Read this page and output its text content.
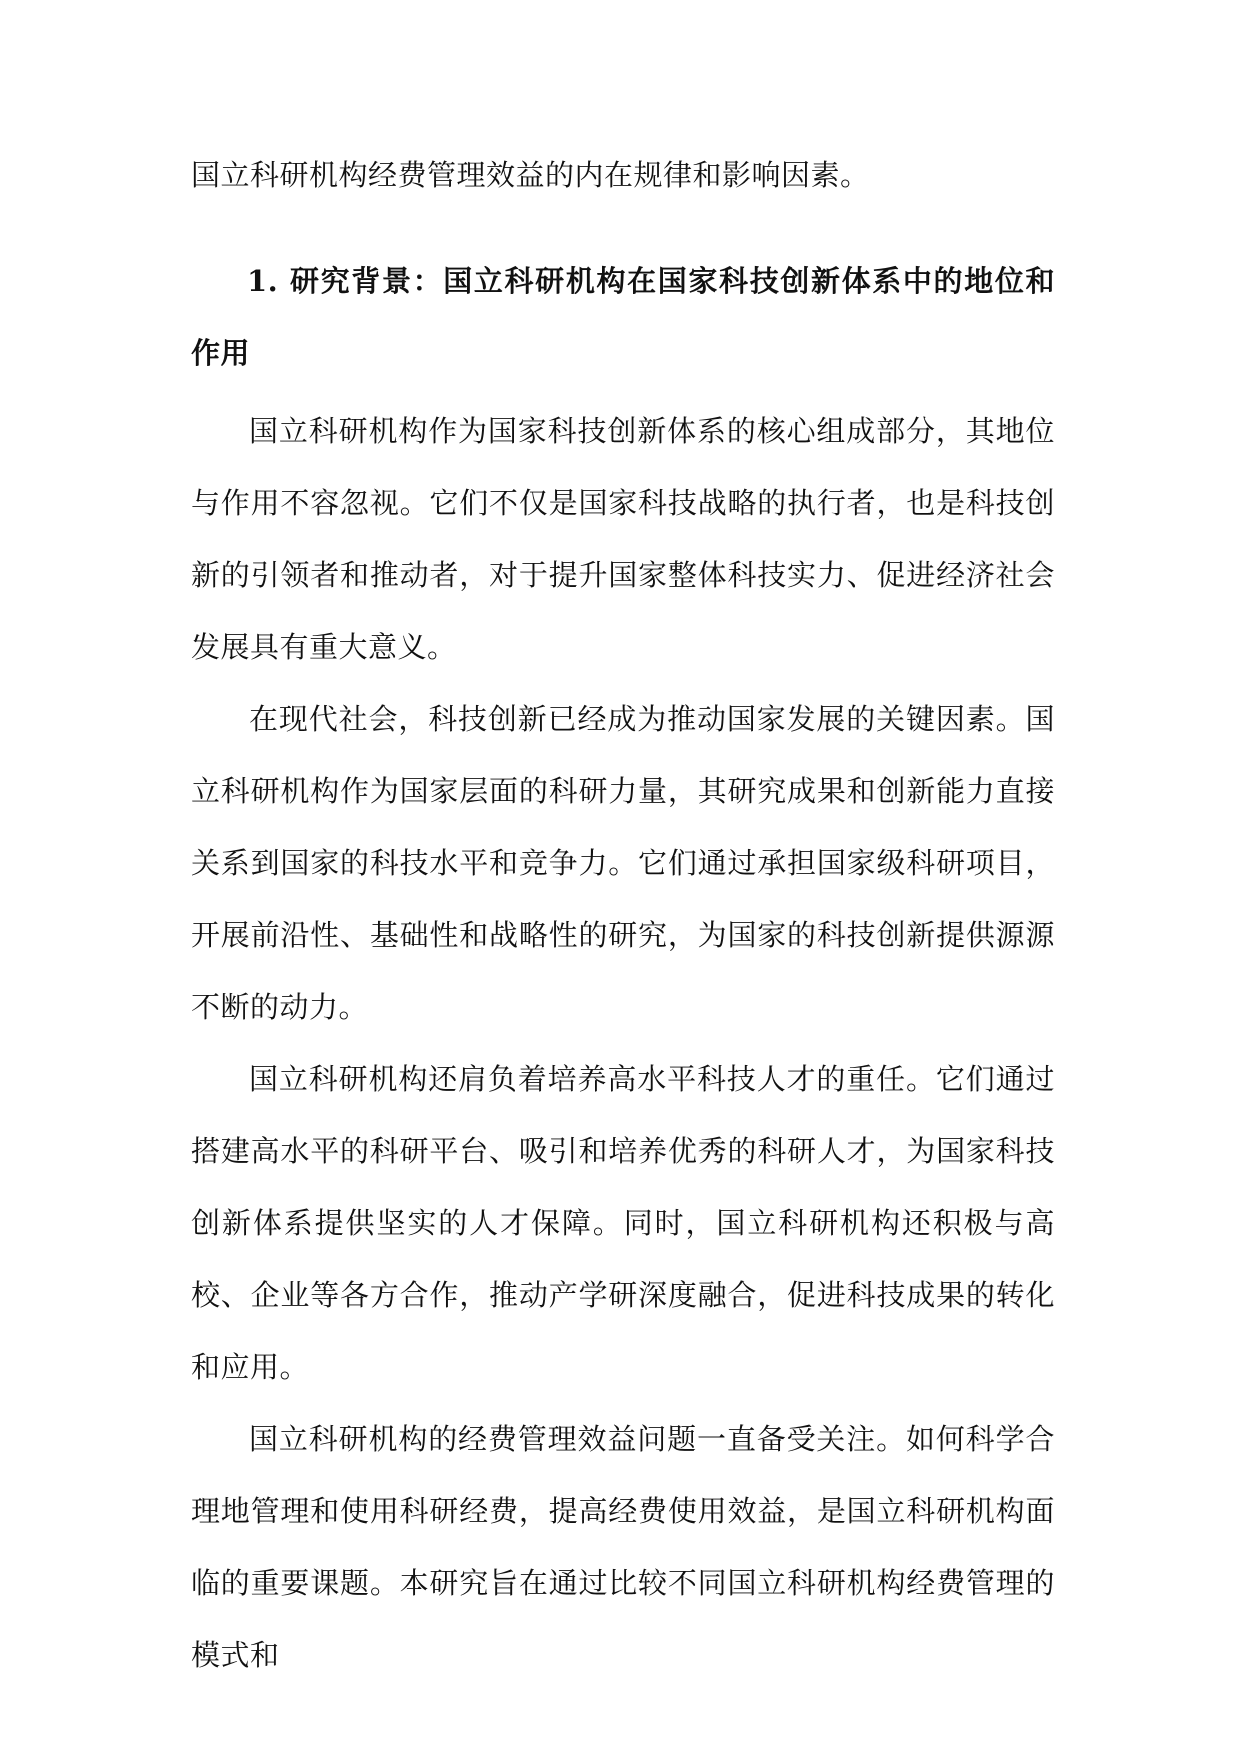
国立科研机构经费管理效益的内在规律和影响因素。
1. 研究背景：国立科研机构在国家科技创新体系中的地位和作用

国立科研机构作为国家科技创新体系的核心组成部分，其地位与作用不容忽视。它们不仅是国家科技战略的执行者，也是科技创新的引领者和推动者，对于提升国家整体科技实力、促进经济社会发展具有重大意义。

在现代社会，科技创新已经成为推动国家发展的关键因素。国立科研机构作为国家层面的科研力量，其研究成果和创新能力直接关系到国家的科技水平和竞争力。它们通过承担国家级科研项目，开展前沿性、基础性和战略性的研究，为国家的科技创新提供源源不断的动力。

国立科研机构还肩负着培养高水平科技人才的重任。它们通过搭建高水平的科研平台、吸引和培养优秀的科研人才，为国家科技创新体系提供坚实的人才保障。同时，国立科研机构还积极与高校、企业等各方合作，推动产学研深度融合，促进科技成果的转化和应用。

国立科研机构的经费管理效益问题一直备受关注。如何科学合理地管理和使用科研经费，提高经费使用效益，是国立科研机构面临的重要课题。本研究旨在通过比较不同国立科研机构经费管理的模式和
